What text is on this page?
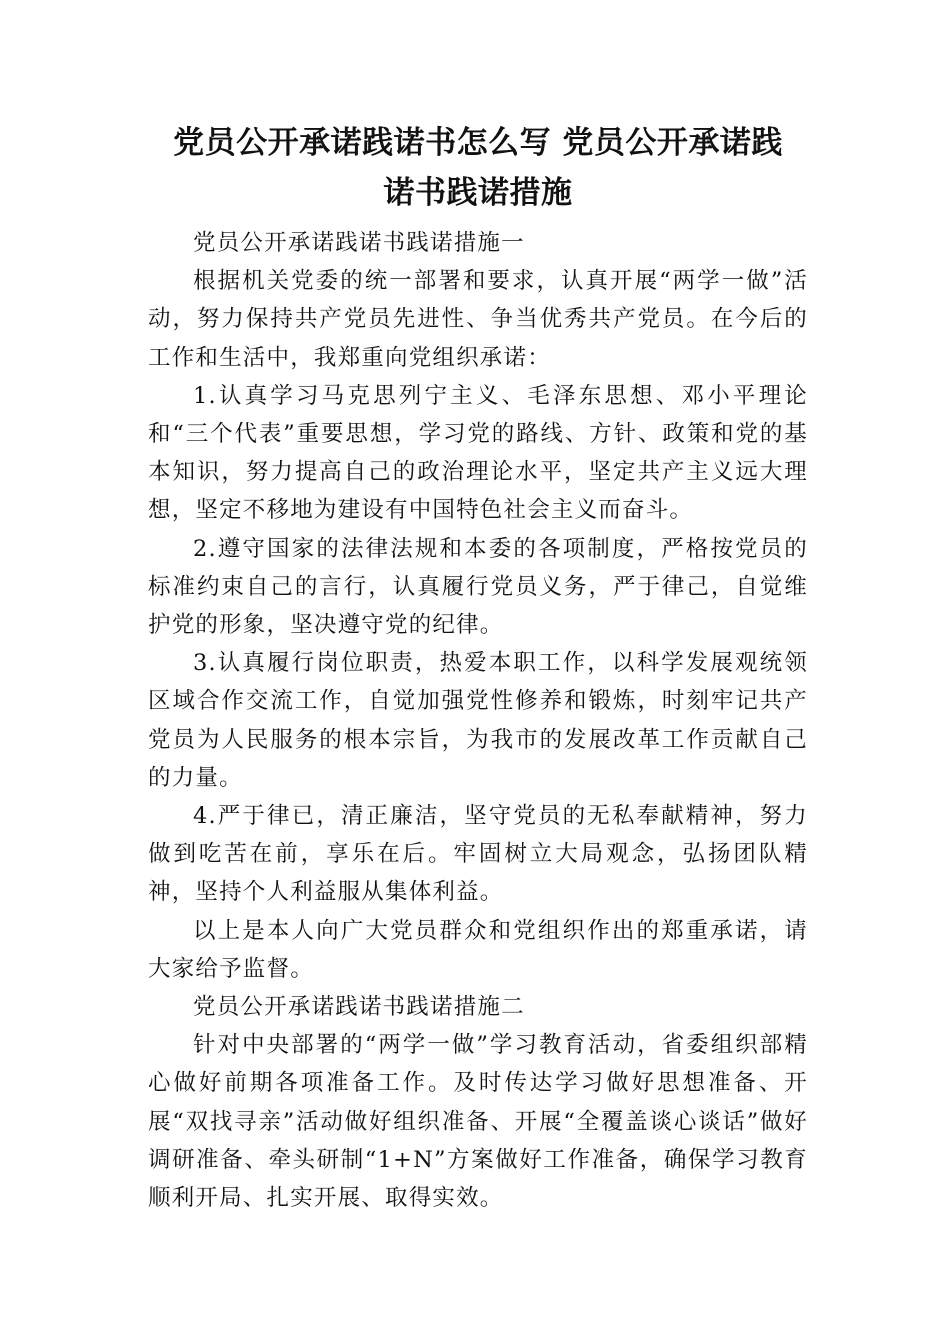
党员公开承诺践诺书怎么写 党员公开承诺践
诺书践诺措施

党员公开承诺践诺书践诺措施一

根据机关党委的统一部署和要求，认真开展“两学一做”活动，努力保持共产党员先进性、争当优秀共产党员。在今后的工作和生活中，我郑重向党组织承诺：

1.认真学习马克思列宁主义、毛泽东思想、邓小平理论和“三个代表”重要思想，学习党的路线、方针、政策和党的基本知识，努力提高自己的政治理论水平，坚定共产主义远大理想，坚定不移地为建设有中国特色社会主义而奋斗。

2.遵守国家的法律法规和本委的各项制度，严格按党员的标准约束自己的言行，认真履行党员义务，严于律己，自觉维护党的形象，坚决遵守党的纪律。

3.认真履行岗位职责，热爱本职工作，以科学发展观统领区域合作交流工作，自觉加强党性修养和锻炼，时刻牢记共产党员为人民服务的根本宗旨，为我市的发展改革工作贡献自己的力量。

4.严于律已，清正廉洁，坚守党员的无私奉献精神，努力做到吃苦在前，享乐在后。牢固树立大局观念，弘扬团队精神，坚持个人利益服从集体利益。

以上是本人向广大党员群众和党组织作出的郑重承诺，请大家给予监督。

党员公开承诺践诺书践诺措施二

针对中央部署的“两学一做”学习教育活动，省委组织部精心做好前期各项准备工作。及时传达学习做好思想准备、开展“双找寻亲”活动做好组织准备、开展“全覆盖谈心谈话”做好调研准备、牵头研制“1+N”方案做好工作准备，确保学习教育顺利开局、扎实开展、取得实效。
